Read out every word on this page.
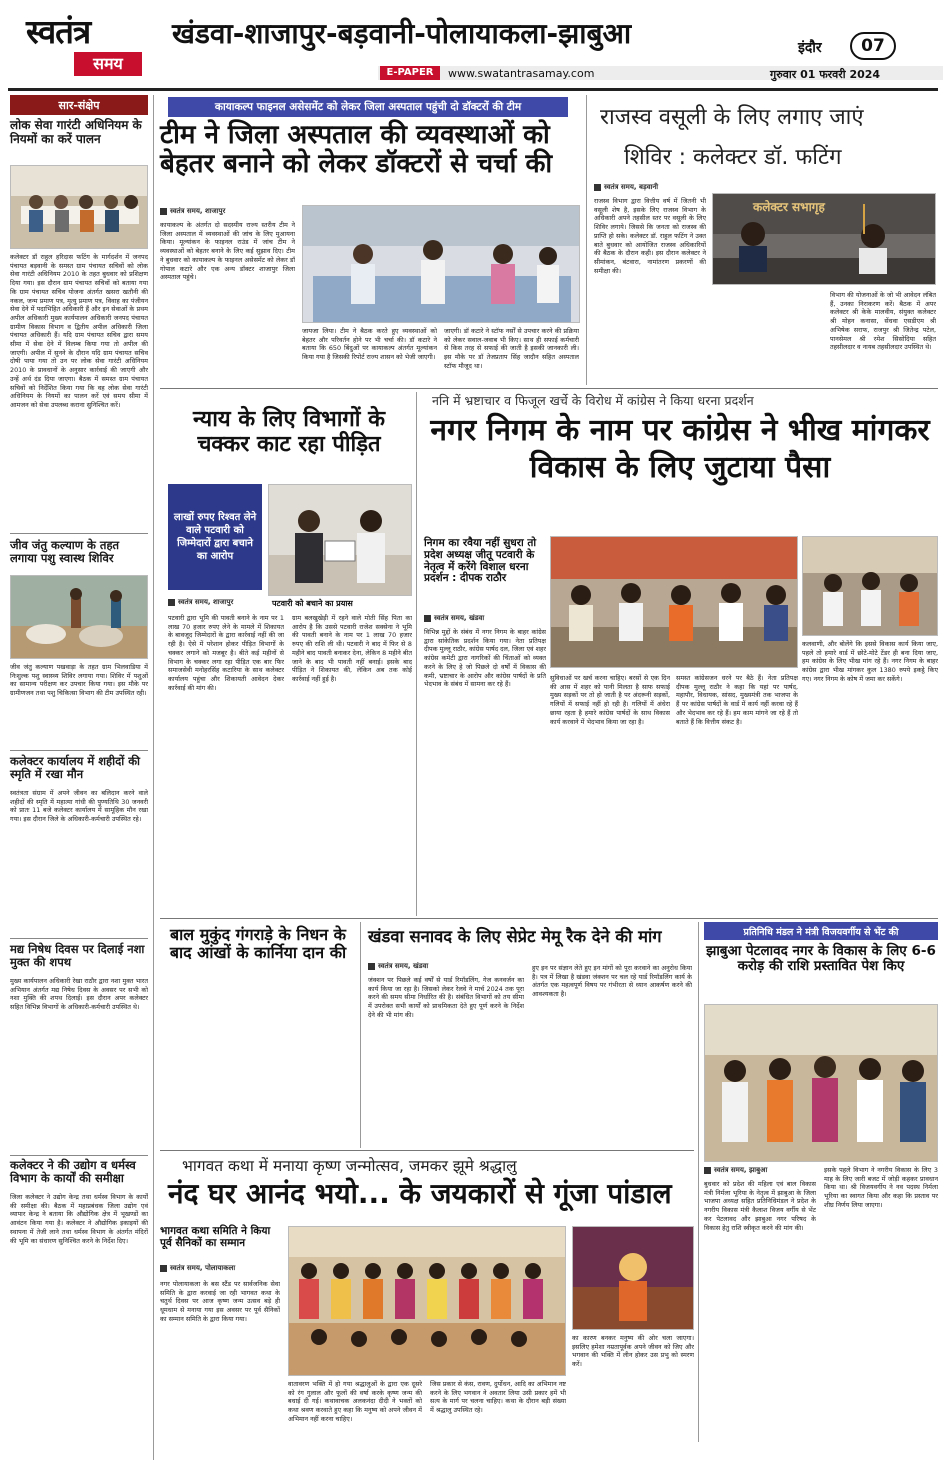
स्वतंत्र
समय
खंडवा-शाजापुर-बड़वानी-पोलायाकला-झाबुआ	इंदौर	07
E-PAPER	www.swatantrasamay.com	गुरुवार 01 फरवरी 2024
सार-संक्षेप
लोक सेवा गारंटी अधिनियम के नियमों का करें पालन
कलेक्टर डॉ राहुल हरिदास फटिंग के मार्गदर्शन में जनपद पंचायत बड़वानी के समस्त ग्राम पंचायत सचिवों को लोक सेवा गारंटी अधिनियम 2010 के तहत बुधवार को प्रशिक्षण दिया गया। इस दौरान ग्राम पंचायत सचिवों को बताया गया कि ग्राम पंचायत सचिव योजना अंतर्गत खसरा खतौनी की नकल, जन्म प्रमाण पत्र, मृत्यु प्रमाण पत्र, विवाह का पंजीयन सेवा देने में पदाभिहित अधिकारी हैं और इन सेवाओं के प्रथम अपील अधिकारी मुख्य कार्यपालन अधिकारी जनपद पंचायत ग्रामीण विकास विभाग व द्वितीय अपील अधिकारी जिला पंचायत अधिकारी हैं। यदि ग्राम पंचायत सचिव द्वारा समय सीमा में सेवा देने में विलम्ब किया गया तो अपील की जाएगी। अपील में सुनने के दौरान यदि ग्राम पंचायत सचिव दोषी पाया गया तो उन पर लोक सेवा गारंटी अधिनियम 2010 के प्रावधानों के अनुसार कार्रवाई की जाएगी और उन्हें अर्थ दंड दिया जाएगा। बैठक में समस्त ग्राम पंचायत सचिवों को निर्देशित किया गया कि वह लोक सेवा गारंटी अधिनियम के नियमों का पालन करें एवं समय सीमा में आमजन को सेवा उपलब्ध कराना सुनिश्चित करें।
जीव जंतु कल्याण के तहत लगाया पशु स्वास्थ शिविर
जीव जंतु कल्याण पखवाड़ा के तहत ग्राम भिलवाडिया में निःशुल्क पशु स्वास्थ्य शिविर लगाया गया। शिविर में पशुओं का सामान्य परीक्षण कर उपचार किया गया। इस मौके पर ग्रामीणजन तथा पशु चिकित्सा विभाग की टीम उपस्थित रही।
कलेक्टर कार्यालय में शहीदों की स्मृति में रखा मौन
स्वतंत्रता संग्राम में अपने जीवन का बलिदान करने वाले शहीदों की स्मृति में महात्मा गांधी की पुण्यतिथि 30 जनवरी को प्रातः 11 बजे कलेक्टर कार्यालय में सामूहिक मौन रखा गया। इस दौरान जिले के अधिकारी-कर्मचारी उपस्थित रहे।
मद्य निषेध दिवस पर दिलाई नशा मुक्त की शपथ
मुख्य कार्यपालन अधिकारी रेखा राठौर द्वारा नशा मुक्त भारत अभियान अंतर्गत मद्य निषेध दिवस के अवसर पर सभी को नशा मुक्ति की शपथ दिलाई। इस दौरान अपर कलेक्टर सहित विभिन्न विभागों के अधिकारी-कर्मचारी उपस्थित थे।
कलेक्टर ने की उद्योग व धर्मस्व विभाग के कार्यों की समीक्षा
जिला कलेक्टर ने उद्योग केन्द्र तथा धर्मस्व विभाग के कार्यों की समीक्षा की। बैठक में महाप्रबंधक जिला उद्योग एवं व्यापार केन्द्र ने बताया कि औद्योगिक क्षेत्र में भूखण्डों का आवंटन किया गया है। कलेक्टर ने औद्योगिक इकाइयों की स्थापना में तेजी लाने तथा धर्मस्व विभाग के अंतर्गत मंदिरों की भूमि का संधारण सुनिश्चित करने के निर्देश दिए।
कायाकल्प फाइनल असेसमेंट को लेकर जिला अस्पताल पहुंची दो डॉक्टरों की टीम
टीम ने जिला अस्पताल की व्यवस्थाओं को बेहतर बनाने को लेकर डॉक्टरों से चर्चा की
स्वतंत्र समय, शाजापुर
कायाकल्प के अंतर्गत दो सदस्यीय राज्य स्तरीय टीम ने जिला अस्पताल में व्यवस्थाओं की जांच के लिए मुआयना किया। मूल्यांकन के फाइनल राउंड में जांच टीम ने व्यवस्थाओं को बेहतर बनाने के लिए कई सुझाव दिए। टीम ने बुधवार को कायाकल्प के फाइनल असेसमेंट को लेकर डॉ गोपाल कटारे और एक अन्य डॉक्टर शाजापुर जिला अस्पताल पहुंचे।
जायजा लिया। टीम ने बैठक करते हुए व्यवस्थाओं को बेहतर और परिवर्तन होने पर भी चर्चा की। डॉ कटारे ने बताया कि 650 बिंदुओं पर कायाकल्प अंतर्गत मूल्यांकन किया गया है जिसकी रिपोर्ट राज्य शासन को भेजी जाएगी।
जाएगी। डॉ कटारे ने स्टॉफ नर्सों से उपचार करने की प्रक्रिया को लेकर सवाल-जवाब भी किए। साथ ही सफाई कर्मचारी से किस तरह से सफाई की जाती है इसकी जानकारी ली। इस मौके पर डॉ तेजप्रताप सिंह जादौन सहित अस्पताल स्टॉफ मौजूद था।
राजस्व वसूली के लिए लगाए जाएं
शिविर : कलेक्टर डॉ. फटिंग
स्वतंत्र समय, बड़वानी
राजस्व विभाग द्वारा वित्तीय वर्ष में जितनी भी वसूली शेष है, इसके लिए राजस्व विभाग के अधिकारी अपने तहसील स्तर पर वसूली के लिए शिविर लगाये। जिससे कि जनता को राजस्व की प्राप्ति हो सके। कलेक्टर डॉ. राहुल फटिंग ने उक्त बाते बुधवार को आयोजित राजस्व अधिकारियों की बैठक के दौरान कही। इस दौरान कलेक्टर ने सीमांकन, बंटवारा, नामांतरण प्रकरणों की समीक्षा की।
कलेक्टर सभागृह
विभाग की योजनाओं के जो भी आवेदन लंबित हैं, उनका निराकरण करें। बैठक में अपर कलेक्टर श्री केके मालवीय, संयुक्त कलेक्टर श्री मोहन कनासा, सेंधवा एसडीएम श्री अभिषेक सराफ, राजपुर श्री जितेन्द्र पटेल, पानसेमल श्री रमेश सिसोदिया सहित तहसीलदार व नायब तहसीलदार उपस्थित थे।
न्याय के लिए विभागों के चक्कर काट रहा पीड़ित
लाखों रुपए रिश्वत लेने वाले पटवारी को जिम्मेदारों द्वारा बचाने का आरोप
पटवारी को बचाने का प्रयास
स्वतंत्र समय, शाजापुर
पटवारी द्वारा भूमि की पावती बनाने के नाम पर 1 लाख 70 हजार रुपए लेने के मामले में शिकायत के बावजूद जिम्मेदारों के द्वारा कार्रवाई नहीं की जा रही है। ऐसे में परेशान होकर पीड़ित विभागों के चक्कर लगाने को मजबूर है। बीते कई महीनों से विभाग के चक्कर लगा रहा पीड़ित एक बार फिर समाजसेवी मनोहरसिंह कटारिया के साथ कलेक्टर कार्यालय पहुंचा और शिकायती आवेदन देकर कार्रवाई की मांग की।
ग्राम बलखुखेड़ी में रहने वाले मोती सिंह पिता का आरोप है कि उससे पटवारी राजेश सक्सेना ने भूमि की पावती बनाने के नाम पर 1 लाख 70 हजार रुपए की राशि ली थी। पटवारी ने बाद में फिर से 8 महीने बाद पावती बनाकर देना, लेकिन 8 महीने बीत जाने के बाद भी पावती नहीं बनाई। इसके बाद पीड़ित ने शिकायत की, लेकिन अब तक कोई कार्रवाई नहीं हुई है।
ननि में भ्रष्टाचार व फिजूल खर्चे के विरोध में कांग्रेस ने किया धरना प्रदर्शन
नगर निगम के नाम पर कांग्रेस ने भीख मांगकर विकास के लिए जुटाया पैसा
निगम का रवैया नहीं सुधरा तो प्रदेश अध्यक्ष जीतू पटवारी के नेतृत्व में करेंगे विशाल धरना प्रदर्शन : दीपक राठौर
स्वतंत्र समय, खंडवा
विभिन्न मुद्दों के संबंध में नगर निगम के बाहर कांग्रेस द्वारा सांकेतिक प्रदर्शन किया गया। नेता प्रतिपक्ष दीपक मुल्लू राठौर, कांग्रेस पार्षद दल, जिला एवं शहर कांग्रेस कमेटी द्वारा नागरिकों की चिंताओं को व्यक्त करने के लिए हे जो पिछले दो वर्षों में विकास की कमी, भ्रष्टाचार के आरोप और कांग्रेस पार्षदों के प्रति भेदभाव के संबंध में सामना कर रहे हैं।
सुविधाओं पर खर्च करना चाहिए। बरसों से एक दिन की आस में शहर को पानी मिलता है साफ सफाई मुख्य सड़कों पर तो हो जाती है पर अंदरूनी सड़कों, गलियों में सफाई नहीं हो रही है। गलियों में अंधेरा छाया रहता है हमारे कांग्रेस पार्षदों के साथ विकास कार्य करवाने में भेदभाव किया जा रहा है।
समस्त कांग्रेसजन धरने पर बैठे हैं। नेता प्रतिपक्ष दीपक मुल्लू राठौर ने कहा कि यहां पर पार्षद, महापौर, विधायक, सांसद, मुख्यमंत्री तक भाजपा के हैं पर कांग्रेस पार्षदों के वार्ड में कार्य नहीं करवा रहे हैं और भेदभाव कर रहे हैं। हम काम मांगने जा रहे हैं तो बताते हैं कि वित्तीय संकट है।
कलवाणी, और बोलेंगे कि इससे विकास कार्य किया जाए, पहले तो हमारे वार्ड में छोटे-मोटे टेंडर ही बना दिया जाए, हम कांग्रेस के लिए भीख मांग रहे हैं। नगर निगम के बाहर कांग्रेस द्वारा भीख मांगकर कुल 1380 रुपये इकट्ठे किए गए। नगर निगम के कोष में जमा कर सकेंगे।
बाल मुकुंद गंगराड़े के निधन के बाद आंखों के कार्निया दान की
खंडवा सनावद के लिए सेप्रेट मेमू रैक देने की मांग
स्वतंत्र समय, खंडवा
जंक्शन पर पिछले कई वर्षों से यार्ड रिमॉडलिंग, गेज कनवर्जन का कार्य किया जा रहा है। जिसको लेकर रेलवे ने मार्च 2024 तक पूरा करने की समय सीमा निर्धारित की है। संबंधित विभागों को तय सीमा में उपरोक्त सभी कार्यों को प्राथमिकता देते हुए पूर्ण करने के निर्देश देने की भी मांग की।
हुए इन पर संज्ञान लेते हुए इन मांगों को पूरा करवाने का अनुरोध किया है। पत्र में लिखा है खंडवा जंक्शन पर चल रहे यार्ड रिमॉडलिंग कार्य के अंतर्गत एक महत्वपूर्ण विषय पर गंभीरता से ध्यान आकर्षण करने की आवश्यकता है।
प्रतिनिधि मंडल ने मंत्री विजयवर्गीय से भेंट की
झाबुआ पेटलावद नगर के विकास के लिए 6-6 करोड़ की राशि प्रस्तावित पेश किए
स्वतंत्र समय, झाबुआ
बुधवार को प्रदेश की महिला एवं बाल विकास मंत्री निर्मला भूरिया के नेतृत्व में झाबुआ के जिला भाजपा अध्यक्ष सहित प्रतिनिधिमंडल ने प्रदेश के नगरीय विकास मंत्री कैलाश विजय वर्गीय से भेंट कर पेटलावद और झाबुआ नगर परिषद के विकास हेतु राशि स्वीकृत करने की मांग की।
इसके पहले विभाग ने नगरीय विकास के लिए 3 माह के लिए जारी बजट में जोड़ी कहकर प्रावधान किया था। श्री विजयवर्गीय ने नव पदस्थ निर्मला भूरिया का स्वागत किया और कहा कि प्रस्ताव पर शीघ्र निर्णय लिया जाएगा।
भागवत कथा में मनाया कृष्ण जन्मोत्सव, जमकर झूमे श्रद्धालु
नंद घर आनंद भयो... के जयकारों से गूंजा पांडाल
भागवत कथा समिति ने किया पूर्व सैनिकों का सम्मान
स्वतंत्र समय, पोलायाकला
नगर पोलायाकला के बस स्टैंड पर सार्वजनिक सेवा समिति के द्वारा करवाई जा रही भागवत कथा के चतुर्थ दिवस पर आज कृष्ण जन्म उत्सव बड़े ही धूमधाम से मनाया गया इस अवसर पर पूर्व सैनिकों का सम्मान समिति के द्वारा किया गया।
वातावरण भक्ति में हो गया श्रद्धालुओं के द्वारा एक दूसरे को रंग गुलाल और फूलों की वर्षा करके कृष्ण जन्म की बधाई दी गई। कथावाचक अलकनंदा दीदी ने भक्तों को कथा श्रवण करवाते हुए कहा कि मनुष्य को अपने जीवन में अभिमान नहीं करना चाहिए।
जिस प्रकार से कंस, रावण, दुर्योधन, आदि का अभिमान नष्ट करने के लिए भगवान ने अवतार लिया उसी प्रकार हमें भी सत्य के मार्ग पर चलना चाहिए। कथा के दौरान बड़ी संख्या में श्रद्धालु उपस्थित रहे।
का कारण बनकर मनुष्य की ओर चला जाएगा। इसलिए हमेशा नम्रतापूर्वक अपने जीवन को जिए और भगवान की भक्ति में लीन होकर उस प्रभु को स्मरण करें।
